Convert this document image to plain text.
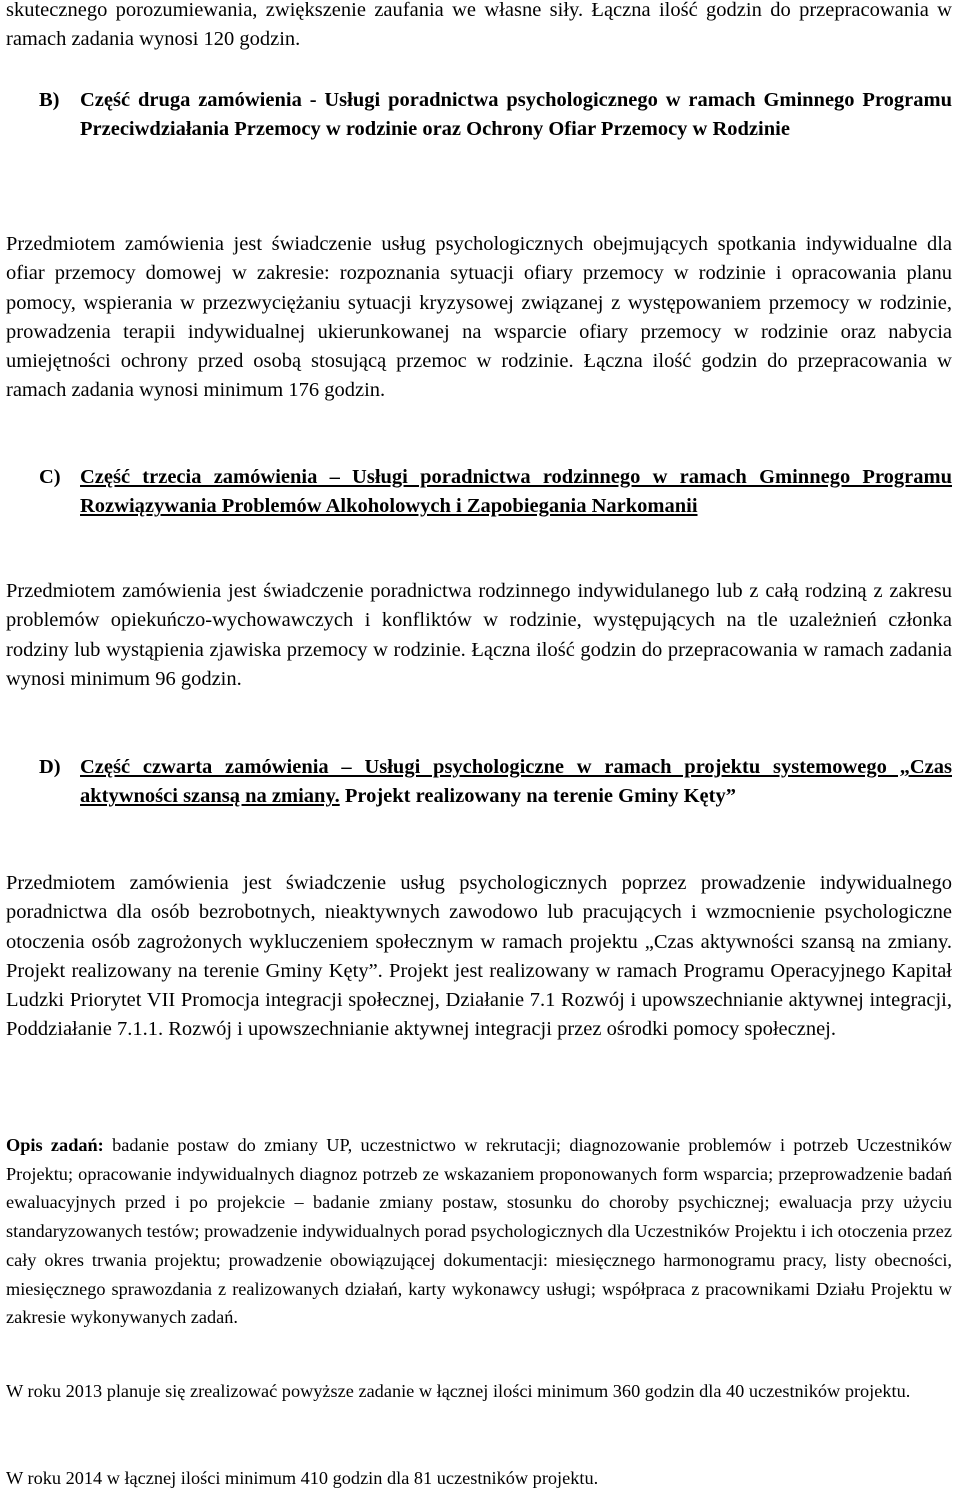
skutecznego porozumiewania, zwiększenie zaufania we własne siły. Łączna ilość godzin do przepracowania w ramach zadania wynosi 120 godzin.

B)	Część druga zamówienia - Usługi poradnictwa psychologicznego w ramach Gminnego Programu Przeciwdziałania Przemocy w rodzinie oraz Ochrony Ofiar Przemocy w Rodzinie

Przedmiotem zamówienia jest świadczenie usług psychologicznych obejmujących spotkania indywidualne dla ofiar przemocy domowej w zakresie: rozpoznania sytuacji ofiary przemocy w rodzinie i opracowania planu pomocy, wspierania w przezwyciężaniu sytuacji kryzysowej związanej z występowaniem przemocy w rodzinie, prowadzenia terapii indywidualnej ukierunkowanej na wsparcie ofiary przemocy w rodzinie oraz nabycia umiejętności ochrony przed osobą stosującą przemoc w rodzinie. Łączna ilość godzin do przepracowania w ramach zadania wynosi minimum 176 godzin.

C) Część trzecia zamówienia – Usługi poradnictwa rodzinnego w ramach Gminnego Programu Rozwiązywania Problemów Alkoholowych i Zapobiegania Narkomanii

Przedmiotem zamówienia jest świadczenie poradnictwa rodzinnego indywidulanego lub z całą rodziną z zakresu problemów opiekuńczo-wychowawczych i konfliktów w rodzinie, występujących na tle uzależnień członka rodziny lub wystąpienia zjawiska przemocy w rodzinie. Łączna ilość godzin do przepracowania w ramach zadania wynosi minimum 96 godzin.

D) Część czwarta zamówienia – Usługi psychologiczne w ramach projektu systemowego „Czas aktywności szansą na zmiany. Projekt realizowany na terenie Gminy Kęty”

Przedmiotem zamówienia jest świadczenie usług psychologicznych poprzez prowadzenie indywidualnego poradnictwa dla osób bezrobotnych, nieaktywnych zawodowo lub pracujących i wzmocnienie psychologiczne otoczenia osób zagrożonych wykluczeniem społecznym w ramach projektu „Czas aktywności szansą na zmiany. Projekt realizowany na terenie Gminy Kęty”. Projekt jest realizowany w ramach Programu Operacyjnego Kapitał Ludzki Priorytet VII Promocja integracji społecznej, Działanie 7.1 Rozwój i upowszechnianie aktywnej integracji, Poddziałanie 7.1.1. Rozwój i upowszechnianie aktywnej integracji przez ośrodki pomocy społecznej.

Opis zadań: badanie postaw do zmiany UP, uczestnictwo w rekrutacji; diagnozowanie problemów i potrzeb Uczestników Projektu; opracowanie indywidualnych diagnoz potrzeb ze wskazaniem proponowanych form wsparcia; przeprowadzenie badań ewaluacyjnych przed i po projekcie – badanie zmiany postaw, stosunku do choroby psychicznej; ewaluacja przy użyciu standaryzowanych testów; prowadzenie indywidualnych porad psychologicznych dla Uczestników Projektu i ich otoczenia przez cały okres trwania projektu; prowadzenie obowiązującej dokumentacji: miesięcznego harmonogramu pracy, listy obecności, miesięcznego sprawozdania z realizowanych działań, karty wykonawcy usługi; współpraca z pracownikami Działu Projektu w zakresie wykonywanych zadań.

W roku 2013 planuje się zrealizować powyższe zadanie w łącznej ilości minimum 360 godzin dla 40 uczestników projektu.

W roku 2014 w łącznej ilości minimum 410 godzin dla 81 uczestników projektu.
